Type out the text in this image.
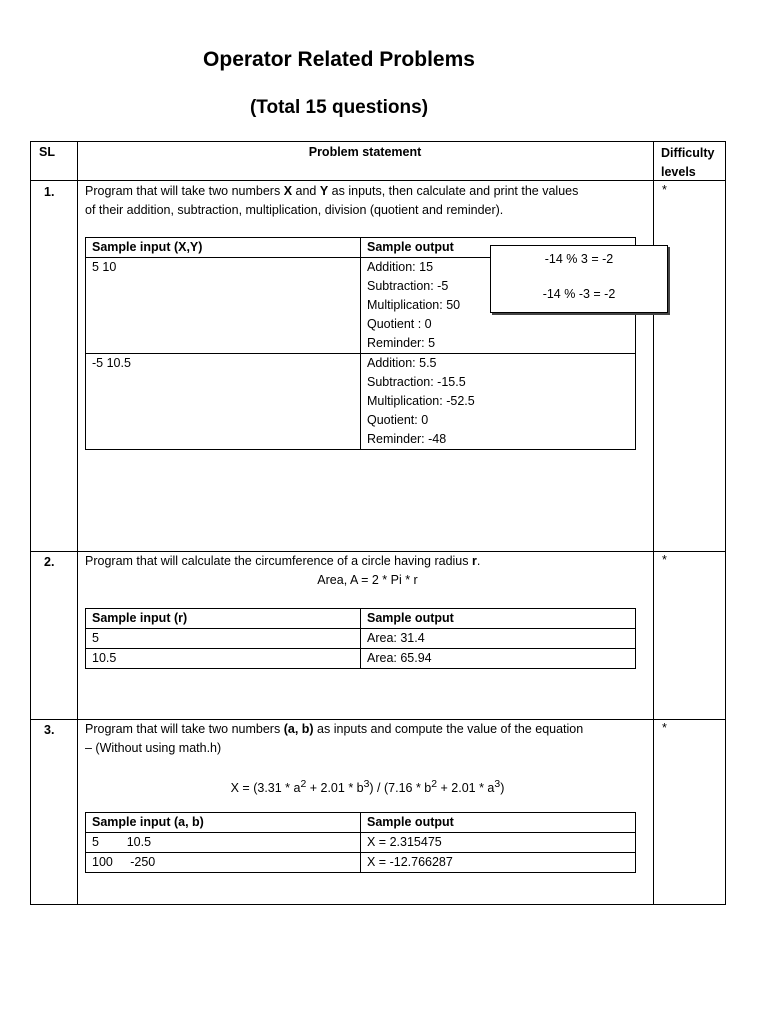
Operator Related Problems
(Total 15 questions)
SL	Problem statement	Difficulty
levels
1.	*
Program that will take two numbers X and Y as inputs, then calculate and print the values
of their addition, subtraction, multiplication, division (quotient and reminder).
Sample input (X,Y)	Sample output
5 10	Addition: 15
Subtraction: -5
Multiplication: 50
Quotient : 0
Reminder: 5

-5 10.5	Addition: 5.5
Subtraction: -15.5
Multiplication: -52.5
Quotient: 0
Reminder: -48
2.	*
Program that will calculate the circumference of a circle having radius r.
Area, A = 2 * Pi * r
Sample input (r)	Sample output
5	Area: 31.4
10.5	Area: 65.94
3.	*
Program that will take two numbers (a, b) as inputs and compute the value of the equation
– (Without using math.h)
$X = (3.31 * a^2 + 2.01 * b^3) / (7.16 * b^2 + 2.01 * a^3)$
Sample input (a, b)	Sample output
5        10.5	X = 2.315475
100     -250	X = -12.766287
-14 % 3 = -2
-14 % -3 = -2
